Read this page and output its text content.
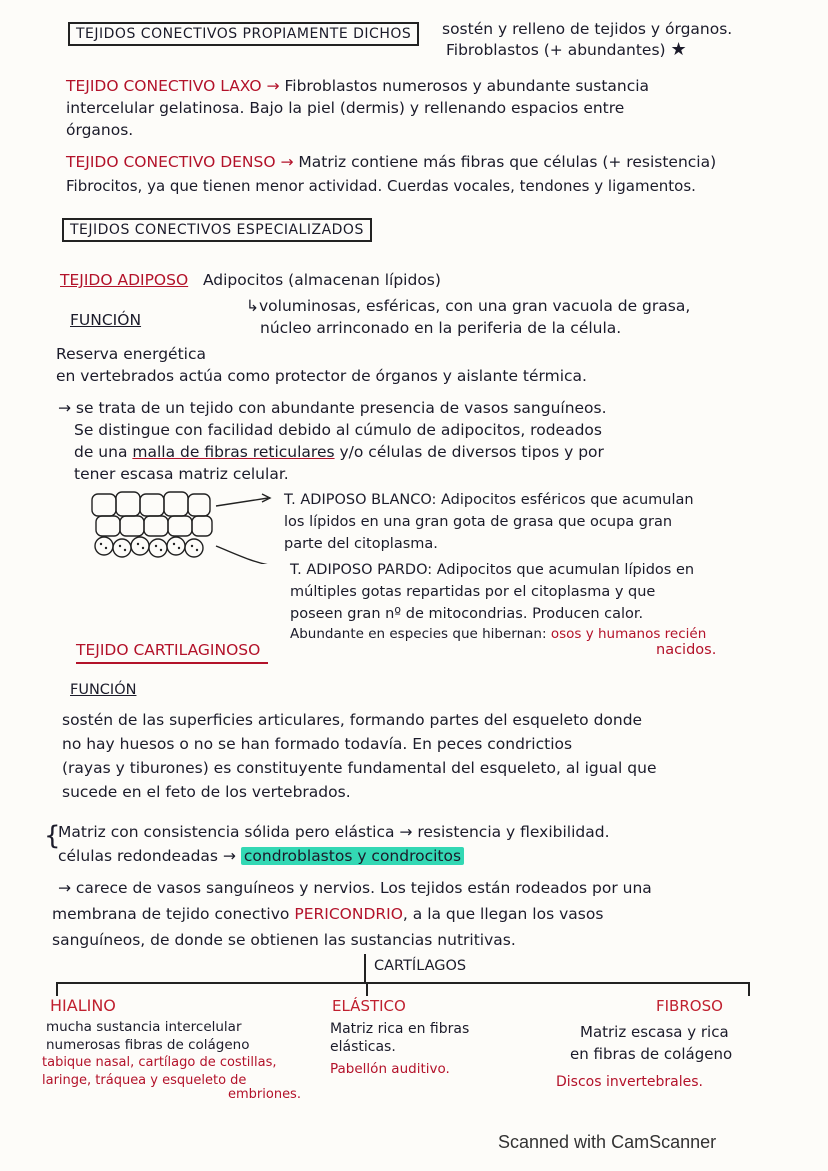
TEJIDOS CONECTIVOS PROPIAMENTE DICHOS	sostén y relleno de tejidos y órganos.
Fibroblastos (+ abundantes) ★
TEJIDO CONECTIVO LAXO → Fibroblastos numerosos y abundante sustancia
intercelular gelatinosa. Bajo la piel (dermis) y rellenando espacios entre
órganos.
TEJIDO CONECTIVO DENSO → Matriz contiene más fibras que células (+ resistencia)
Fibrocitos, ya que tienen menor actividad. Cuerdas vocales, tendones y ligamentos.
TEJIDOS CONECTIVOS ESPECIALIZADOS
TEJIDO ADIPOSO Adipocitos (almacenan lípidos)
↳voluminosas, esféricas, con una gran vacuola de grasa,
FUNCIÓN	núcleo arrinconado en la periferia de la célula.
Reserva energética
en vertebrados actúa como protector de órganos y aislante térmica.
→ se trata de un tejido con abundante presencia de vasos sanguíneos.
Se distingue con facilidad debido al cúmulo de adipocitos, rodeados
de una malla de fibras reticulares y/o células de diversos tipos y por
tener escasa matriz celular.
T. ADIPOSO BLANCO: Adipocitos esféricos que acumulan
los lípidos en una gran gota de grasa que ocupa gran
parte del citoplasma.
T. ADIPOSO PARDO: Adipocitos que acumulan lípidos en
múltiples gotas repartidas por el citoplasma y que
poseen gran nº de mitocondrias. Producen calor.
Abundante en especies que hibernan: osos y humanos recién
nacidos.
TEJIDO CARTILAGINOSO
FUNCIÓN
sostén de las superficies articulares, formando partes del esqueleto donde
no hay huesos o no se han formado todavía. En peces condrictios
(rayas y tiburones) es constituyente fundamental del esqueleto, al igual que
sucede en el feto de los vertebrados.
{
Matriz con consistencia sólida pero elástica → resistencia y flexibilidad.
células redondeadas → condroblastos y condrocitos
→ carece de vasos sanguíneos y nervios. Los tejidos están rodeados por una
membrana de tejido conectivo PERICONDRIO, a la que llegan los vasos
sanguíneos, de donde se obtienen las sustancias nutritivas.
CARTÍLAGOS
HIALINO
mucha sustancia intercelular
numerosas fibras de colágeno
tabique nasal, cartílago de costillas,
laringe, tráquea y esqueleto de
embriones.
ELÁSTICO
Matriz rica en fibras
elásticas.
Pabellón auditivo.
FIBROSO
Matriz escasa y rica
en fibras de colágeno
Discos invertebrales.
Scanned with CamScanner
